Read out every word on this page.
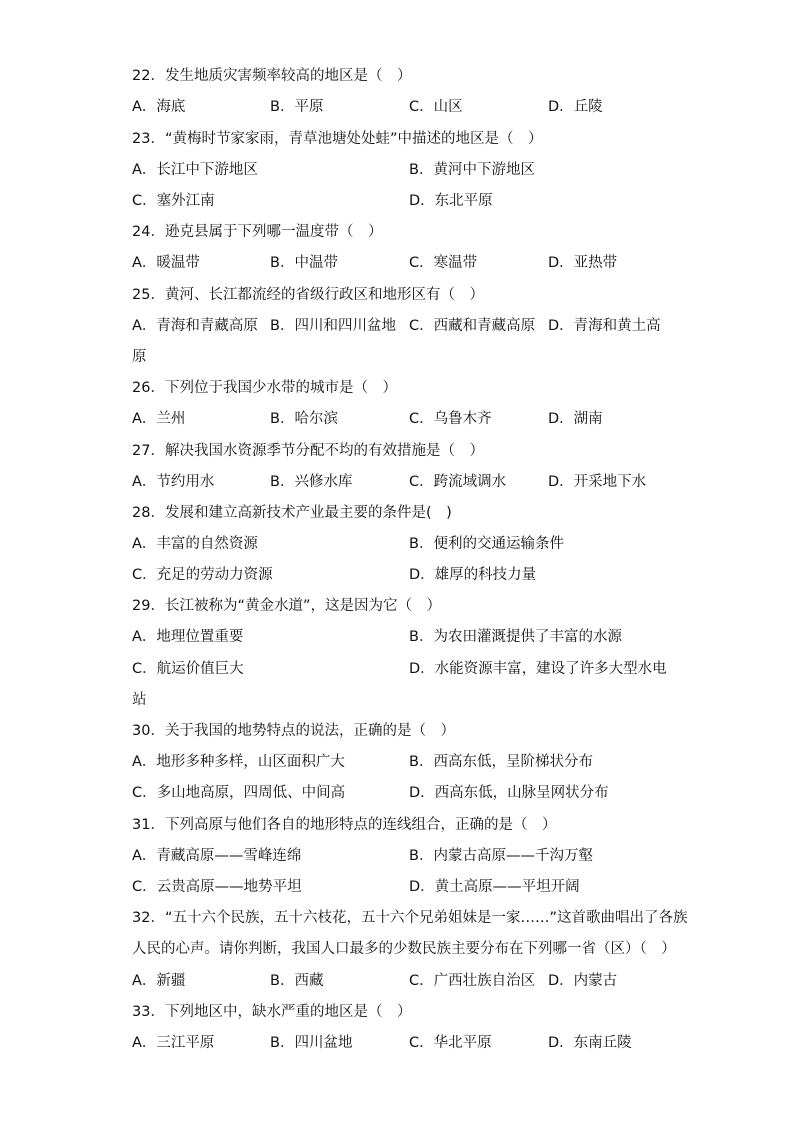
22．发生地质灾害频率较高的地区是（　）
A．海底	B．平原	C．山区	D．丘陵
23．“黄梅时节家家雨，青草池塘处处蛙”中描述的地区是（　）
A．长江中下游地区	B．黄河中下游地区
C．塞外江南	D．东北平原
24．逊克县属于下列哪一温度带（　）
A．暖温带	B．中温带	C．寒温带	D．亚热带
25．黄河、长江都流经的省级行政区和地形区有（　）
A．青海和青藏高原 B．四川和四川盆地 C．西藏和青藏高原 D．青海和黄土高
原
26．下列位于我国少水带的城市是（　）
A．兰州	B．哈尔滨	C．乌鲁木齐	D．湖南
27．解决我国水资源季节分配不均的有效措施是（　）
A．节约用水	B．兴修水库	C．跨流域调水	D．开采地下水
28．发展和建立高新技术产业最主要的条件是(　)
A．丰富的自然资源	B．便利的交通运输条件
C．充足的劳动力资源	D．雄厚的科技力量
29．长江被称为“黄金水道”，这是因为它（　）
A．地理位置重要	B．为农田灌溉提供了丰富的水源
C．航运价值巨大	D．水能资源丰富，建设了许多大型水电
站
30．关于我国的地势特点的说法，正确的是（　）
A．地形多种多样，山区面积广大	B．西高东低，呈阶梯状分布
C．多山地高原，四周低、中间高	D．西高东低，山脉呈网状分布
31．下列高原与他们各自的地形特点的连线组合，正确的是（　）
A．青藏高原——雪峰连绵	B．内蒙古高原——千沟万壑
C．云贵高原——地势平坦	D．黄土高原——平坦开阔
32．“五十六个民族，五十六枝花，五十六个兄弟姐妹是一家……”这首歌曲唱出了各族
人民的心声。请你判断，我国人口最多的少数民族主要分布在下列哪一省（区）（　）
A．新疆	B．西藏	C．广西壮族自治区 D．内蒙古
33．下列地区中，缺水严重的地区是（　）
A．三江平原	B．四川盆地	C．华北平原	D．东南丘陵
